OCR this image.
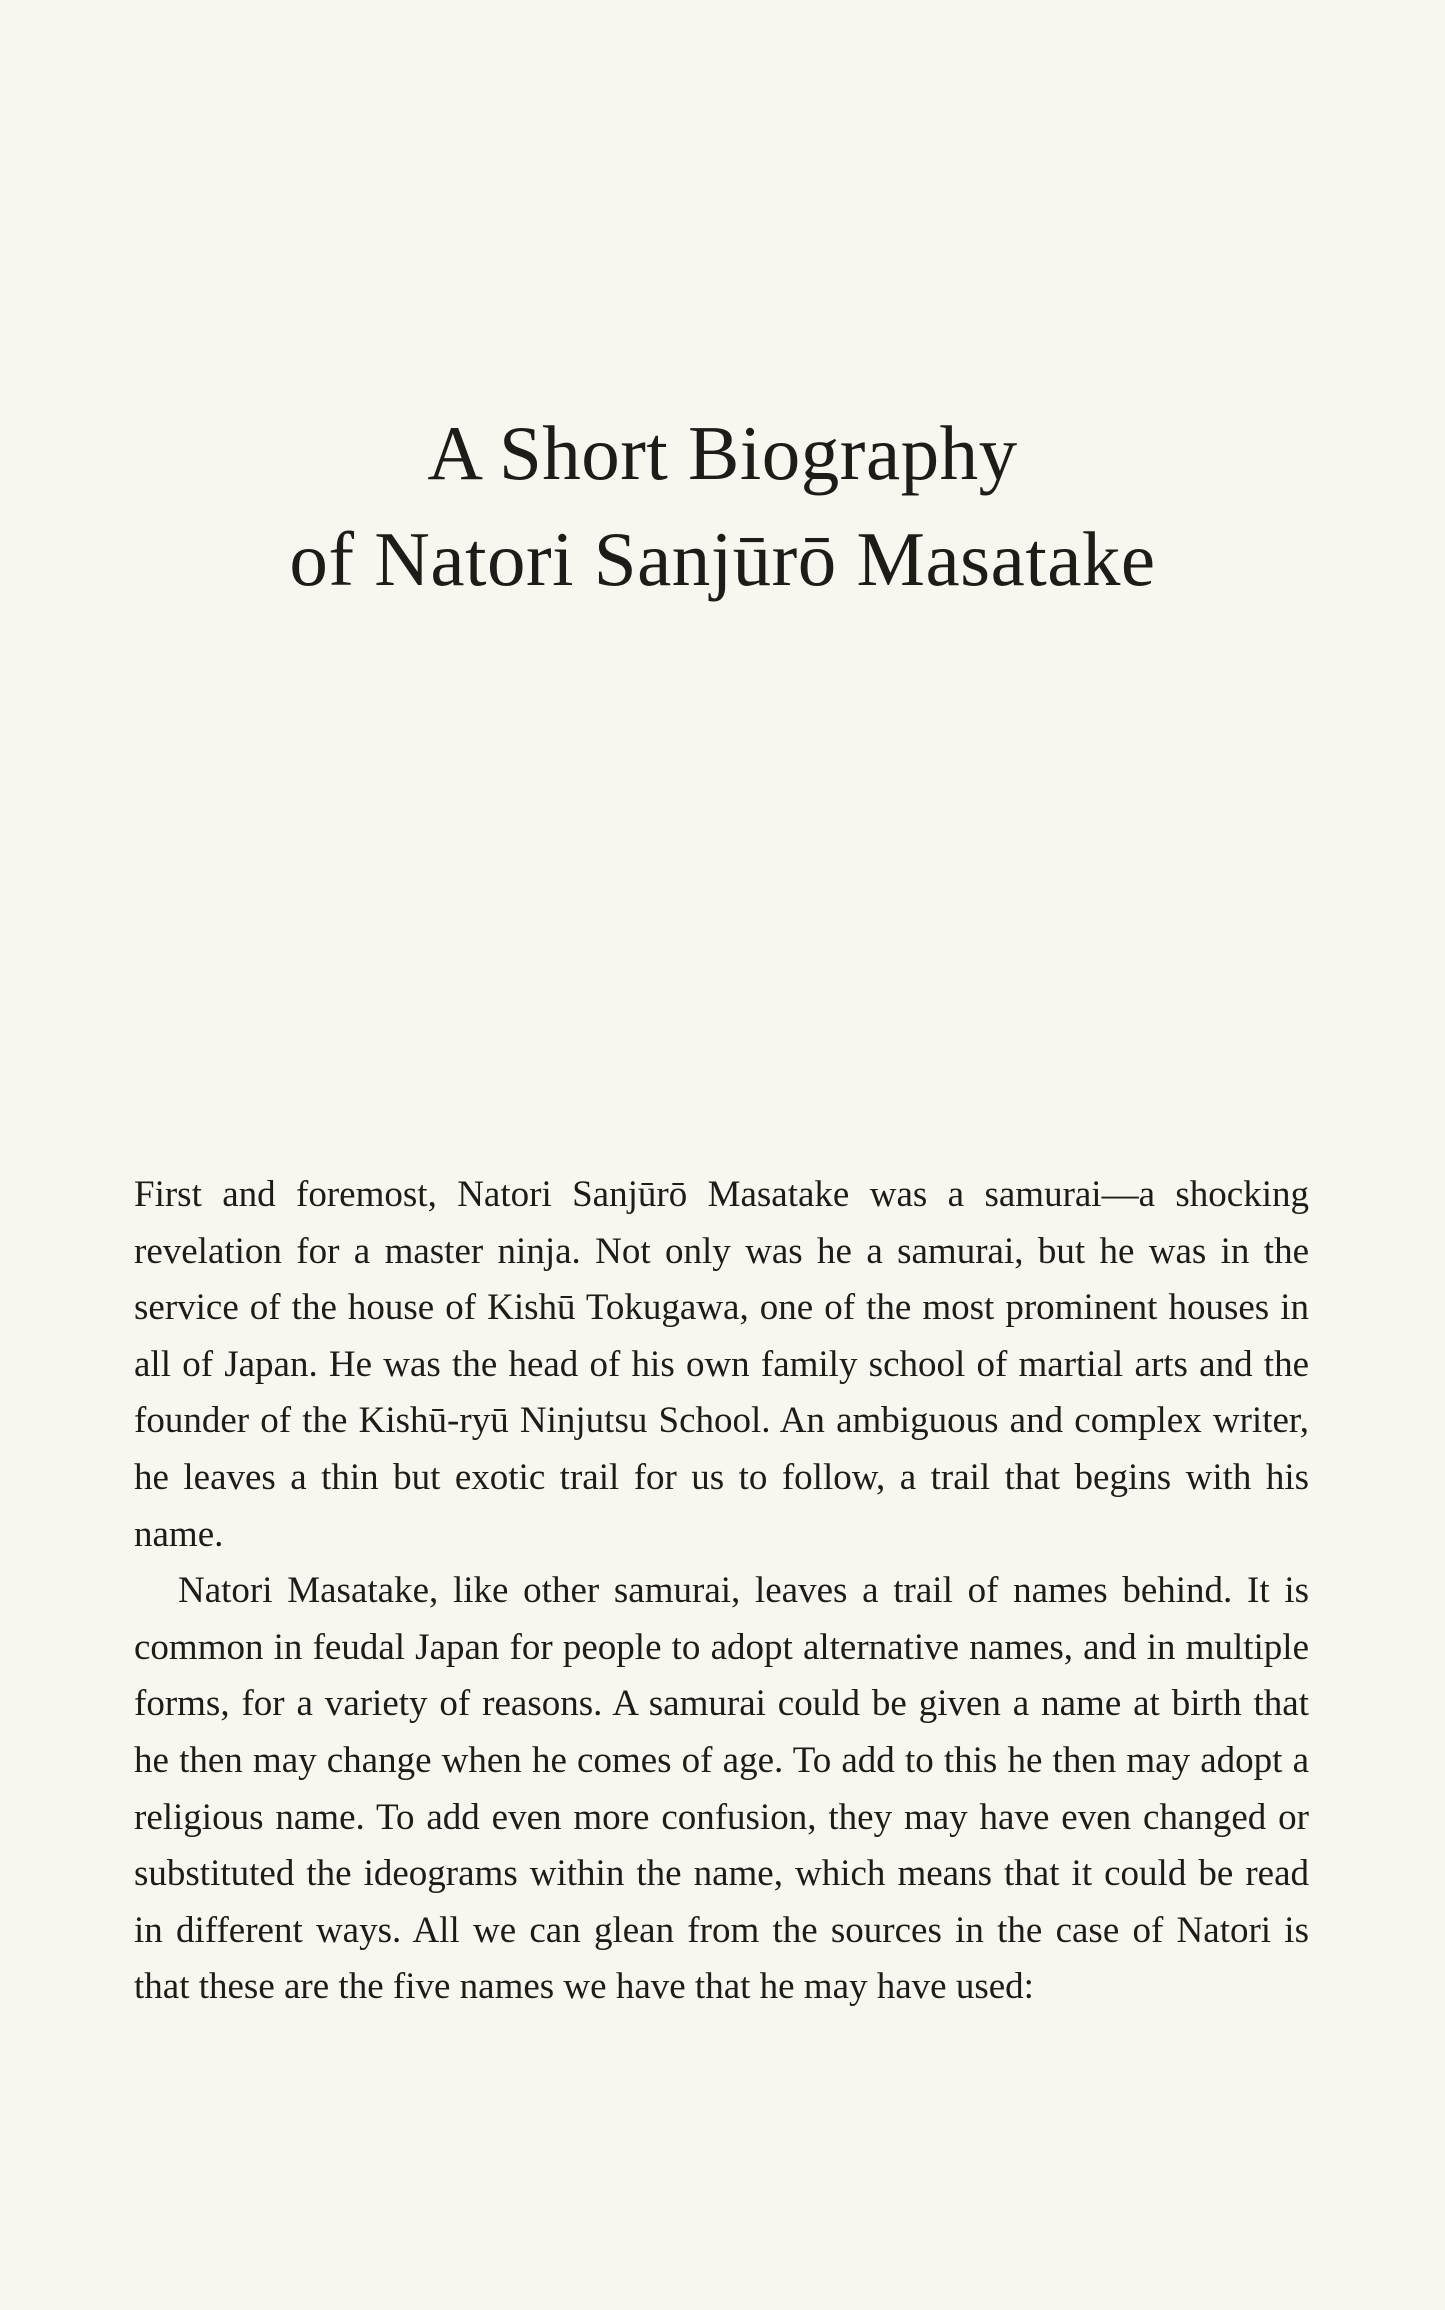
A Short Biography
of Natori Sanjūrō Masatake

First and foremost, Natori Sanjūrō Masatake was a samurai—a shocking revelation for a master ninja. Not only was he a samurai, but he was in the service of the house of Kishū Tokugawa, one of the most prominent houses in all of Japan. He was the head of his own family school of martial arts and the founder of the Kishū-ryū Ninjutsu School. An ambiguous and complex writer, he leaves a thin but exotic trail for us to follow, a trail that begins with his name.

Natori Masatake, like other samurai, leaves a trail of names behind. It is common in feudal Japan for people to adopt alternative names, and in multiple forms, for a variety of reasons. A samurai could be given a name at birth that he then may change when he comes of age. To add to this he then may adopt a religious name. To add even more confusion, they may have even changed or substituted the ideograms within the name, which means that it could be read in different ways. All we can glean from the sources in the case of Natori is that these are the five names we have that he may have used:
